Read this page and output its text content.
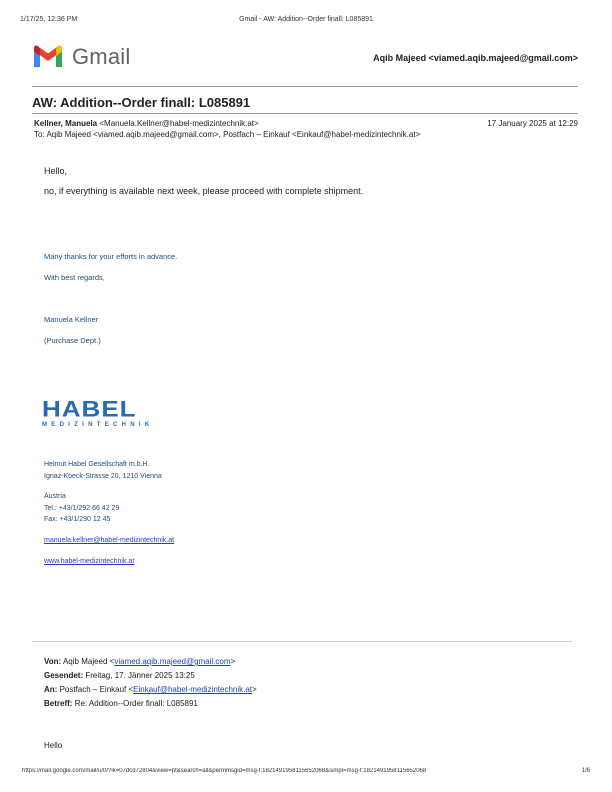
1/17/25, 12:36 PM	Gmail - AW: Addition--Order finall: L085891
Gmail	Aqib Majeed <viamed.aqib.majeed@gmail.com>
AW: Addition--Order finall: L085891
Kellner, Manuela <Manuela.Kellner@habel-medizintechnik.at>	17 January 2025 at 12:29
To: Aqib Majeed <viamed.aqib.majeed@gmail.com>, Postfach – Einkauf <Einkauf@habel-medizintechnik.at>
Hello,
no, if everything is available next week, please proceed with complete shipment.
Many thanks for your efforts in advance.
With best regards,
Manuela Kellner
(Purchase Dept.)
HABEL
MEDIZINTECHNIK
Helmut Habel Gesellschaft m.b.H.
Ignaz-Koeck-Strasse 20, 1210 Vienna
Austria
Tel.: +43/1/292 66 42 29
Fax: +43/1/290 12 45
manuela.kellner@habel-medizintechnik.at
www.habel-medizintechnik.at
Von: Aqib Majeed <viamed.aqib.majeed@gmail.com>
Gesendet: Freitag, 17. Jänner 2025 13:25
An: Postfach – Einkauf <Einkauf@habel-medizintechnik.at>
Betreff: Re: Addition--Order finall: L085891
Hello
https://mail.google.com/mail/u/0/?ik=07dcd72804&view=pt&search=all&permmsgid=msg-f:1821491958115652068&simpl=msg-f:1821491958115652068	1/6
